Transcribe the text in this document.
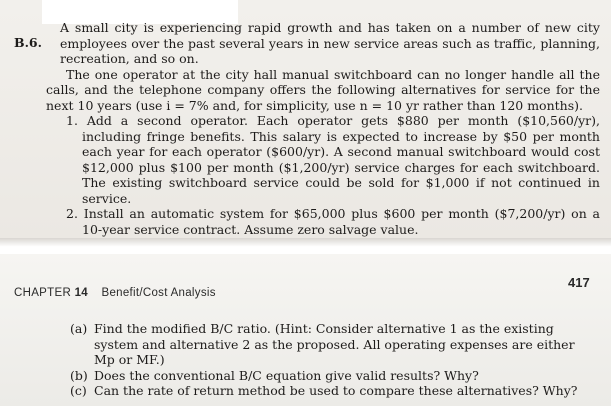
B.6.

A small city is experiencing rapid growth and has taken on a number of new city employees over the past several years in new service areas such as traffic, planning, recreation, and so on.

The one operator at the city hall manual switchboard can no longer handle all the calls, and the telephone company offers the following alternatives for service for the next 10 years (use i = 7% and, for simplicity, use n = 10 yr rather than 120 months).

1. Add a second operator. Each operator gets $880 per month ($10,560/yr), including fringe benefits. This salary is expected to increase by $50 per month each year for each operator ($600/yr). A second manual switchboard would cost $12,000 plus $100 per month ($1,200/yr) service charges for each switchboard. The existing switchboard service could be sold for $1,000 if not continued in service.

2. Install an automatic system for $65,000 plus $600 per month ($7,200/yr) on a 10-year service contract. Assume zero salvage value.

CHAPTER 14 Benefit/Cost Analysis
417

(a) Find the modified B/C ratio. (Hint: Consider alternative 1 as the existing system and alternative 2 as the proposed. All operating expenses are either Mp or MF.)

(b) Does the conventional B/C equation give valid results? Why?

(c) Can the rate of return method be used to compare these alternatives? Why?
